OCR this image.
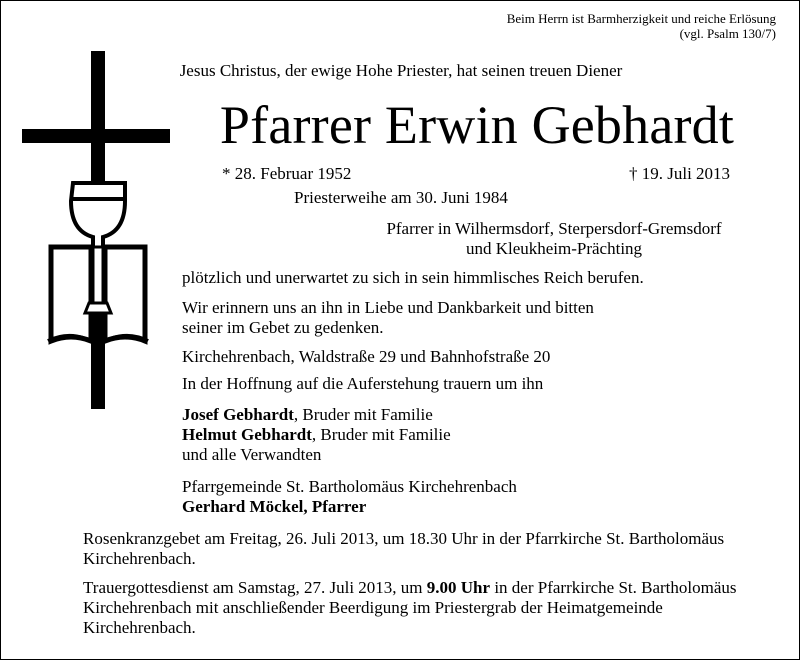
Beim Herrn ist Barmherzigkeit und reiche Erlösung
(vgl. Psalm 130/7)
Jesus Christus, der ewige Hohe Priester, hat seinen treuen Diener
Pfarrer Erwin Gebhardt
* 28. Februar 1952	† 19. Juli 2013
Priesterweihe am 30. Juni 1984
Pfarrer in Wilhermsdorf, Sterpersdorf-Gremsdorf
und Kleukheim-Prächting
plötzlich und unerwartet zu sich in sein himmlisches Reich berufen.
Wir erinnern uns an ihn in Liebe und Dankbarkeit und bitten
seiner im Gebet zu gedenken.
Kirchehrenbach, Waldstraße 29 und Bahnhofstraße 20
In der Hoffnung auf die Auferstehung trauern um ihn
Josef Gebhardt, Bruder mit Familie
Helmut Gebhardt, Bruder mit Familie
und alle Verwandten
Pfarrgemeinde St. Bartholomäus Kirchehrenbach
Gerhard Möckel, Pfarrer
Rosenkranzgebet am Freitag, 26. Juli 2013, um 18.30 Uhr in der Pfarrkirche St. Bartholomäus
Kirchehrenbach.
Trauergottesdienst am Samstag, 27. Juli 2013, um 9.00 Uhr in der Pfarrkirche St. Bartholomäus
Kirchehrenbach mit anschließender Beerdigung im Priestergrab der Heimatgemeinde
Kirchehrenbach.
